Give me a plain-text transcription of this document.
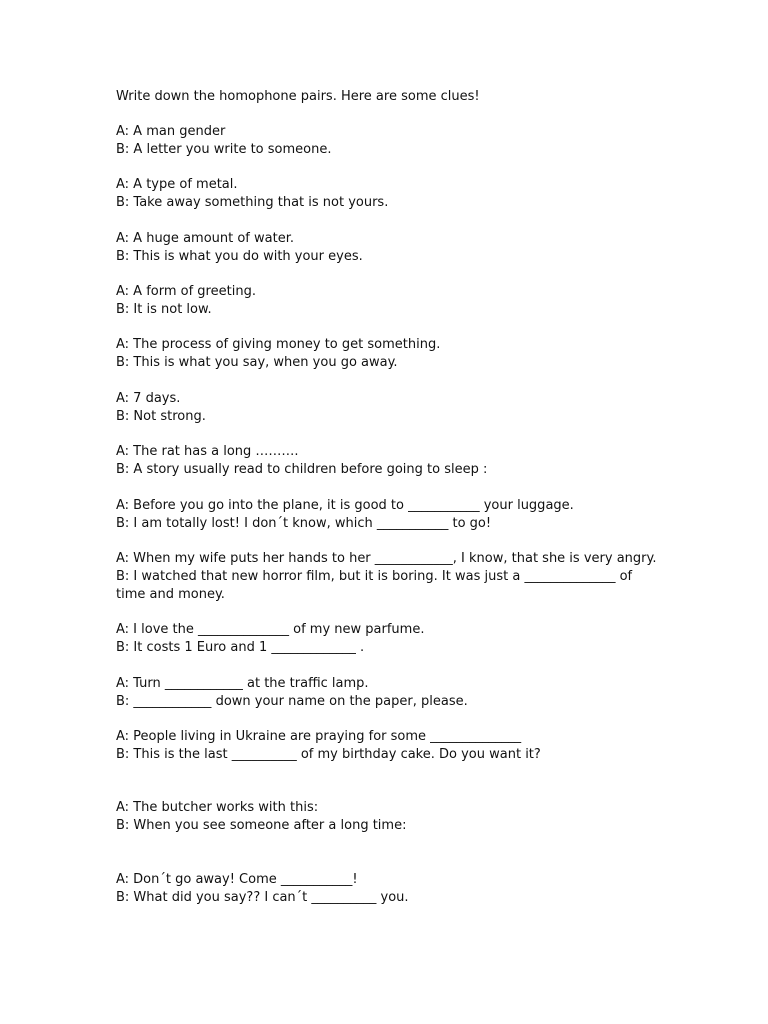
Write down the homophone pairs. Here are some clues!
A: A man gender
B: A letter you write to someone.
A: A type of metal.
B: Take away something that is not yours.
A: A huge amount of water.
B: This is what you do with your eyes.
A: A form of greeting.
B: It is not low.
A: The process of giving money to get something.
B: This is what you say, when you go away.
A: 7 days.
B: Not strong.
A: The rat has a long ……….
B: A story usually read to children before going to sleep :
A: Before you go into the plane, it is good to ___________ your luggage.
B: I am totally lost! I don´t know, which ___________ to go!
A: When my wife puts her hands to her ____________, I know, that she is very angry.
B: I watched that new horror film, but it is boring. It was just a ______________ of
time and money.
A: I love the ______________ of my new parfume.
B: It costs 1 Euro and 1 _____________ .
A: Turn ____________ at the traffic lamp.
B: ____________ down your name on the paper, please.
A: People living in Ukraine are praying for some ______________
B: This is the last __________ of my birthday cake. Do you want it?
A: The butcher works with this:
B: When you see someone after a long time:
A: Don´t go away! Come ___________!
B: What did you say?? I can´t __________ you.
